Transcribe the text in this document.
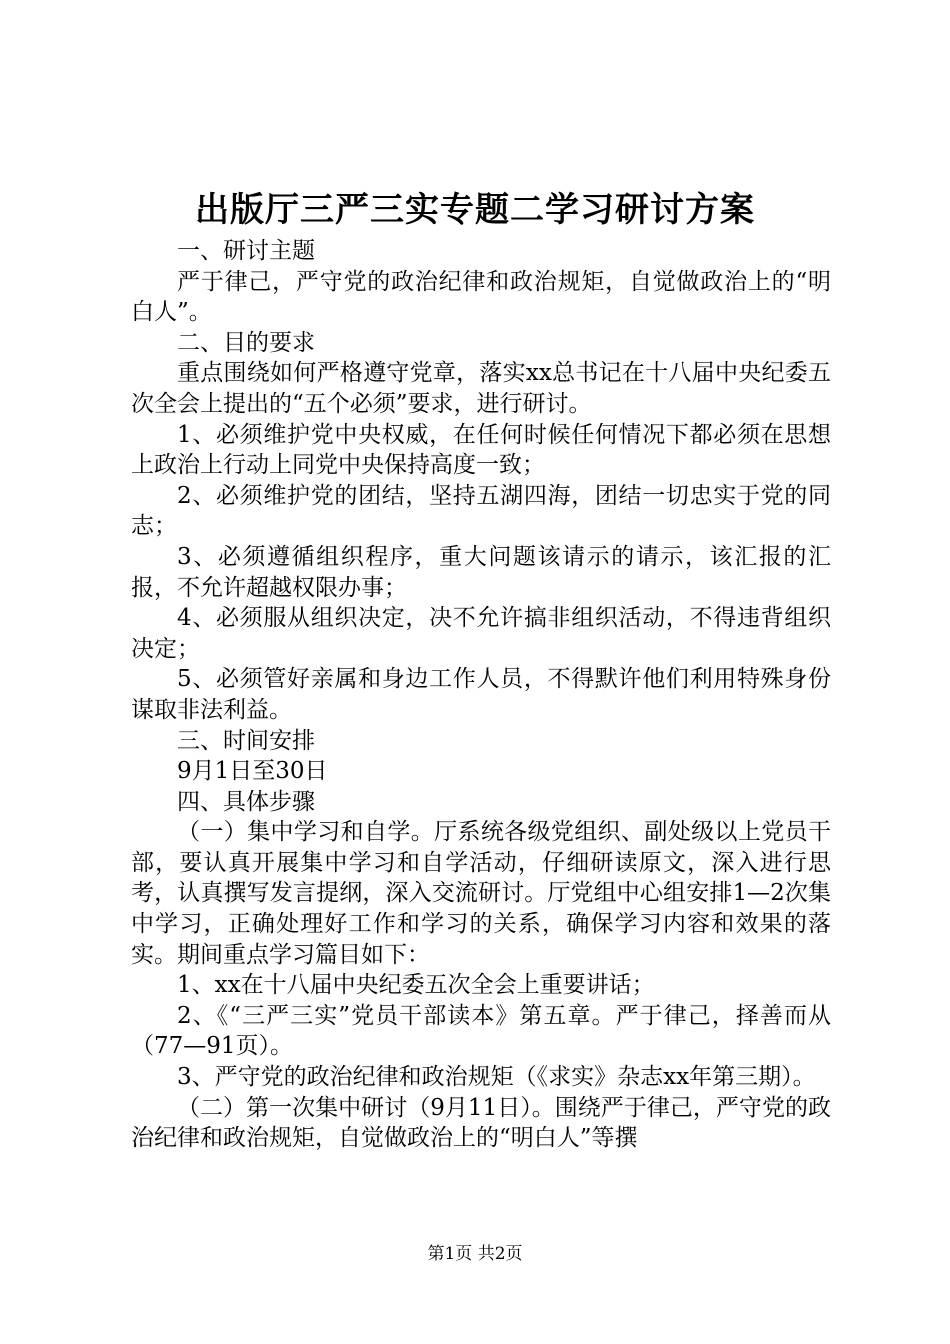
出版厅三严三实专题二学习研讨方案

一、研讨主题

严于律己，严守党的政治纪律和政治规矩，自觉做政治上的“明白人”。

二、目的要求

重点围绕如何严格遵守党章，落实xx总书记在十八届中央纪委五次全会上提出的“五个必须”要求，进行研讨。

1、必须维护党中央权威，在任何时候任何情况下都必须在思想上政治上行动上同党中央保持高度一致；

2、必须维护党的团结，坚持五湖四海，团结一切忠实于党的同志；

3、必须遵循组织程序，重大问题该请示的请示，该汇报的汇报，不允许超越权限办事；

4、必须服从组织决定，决不允许搞非组织活动，不得违背组织决定；

5、必须管好亲属和身边工作人员，不得默许他们利用特殊身份谋取非法利益。

三、时间安排

9月1日至30日

四、具体步骤

（一）集中学习和自学。厅系统各级党组织、副处级以上党员干部，要认真开展集中学习和自学活动，仔细研读原文，深入进行思考，认真撰写发言提纲，深入交流研讨。厅党组中心组安排1—2次集中学习，正确处理好工作和学习的关系，确保学习内容和效果的落实。期间重点学习篇目如下：

1、xx在十八届中央纪委五次全会上重要讲话；

2、《“三严三实”党员干部读本》第五章。严于律己，择善而从（77—91页）。

3、严守党的政治纪律和政治规矩（《求实》杂志xx年第三期）。

（二）第一次集中研讨（9月11日）。围绕严于律己，严守党的政治纪律和政治规矩，自觉做政治上的“明白人”等撰

第1页 共2页
